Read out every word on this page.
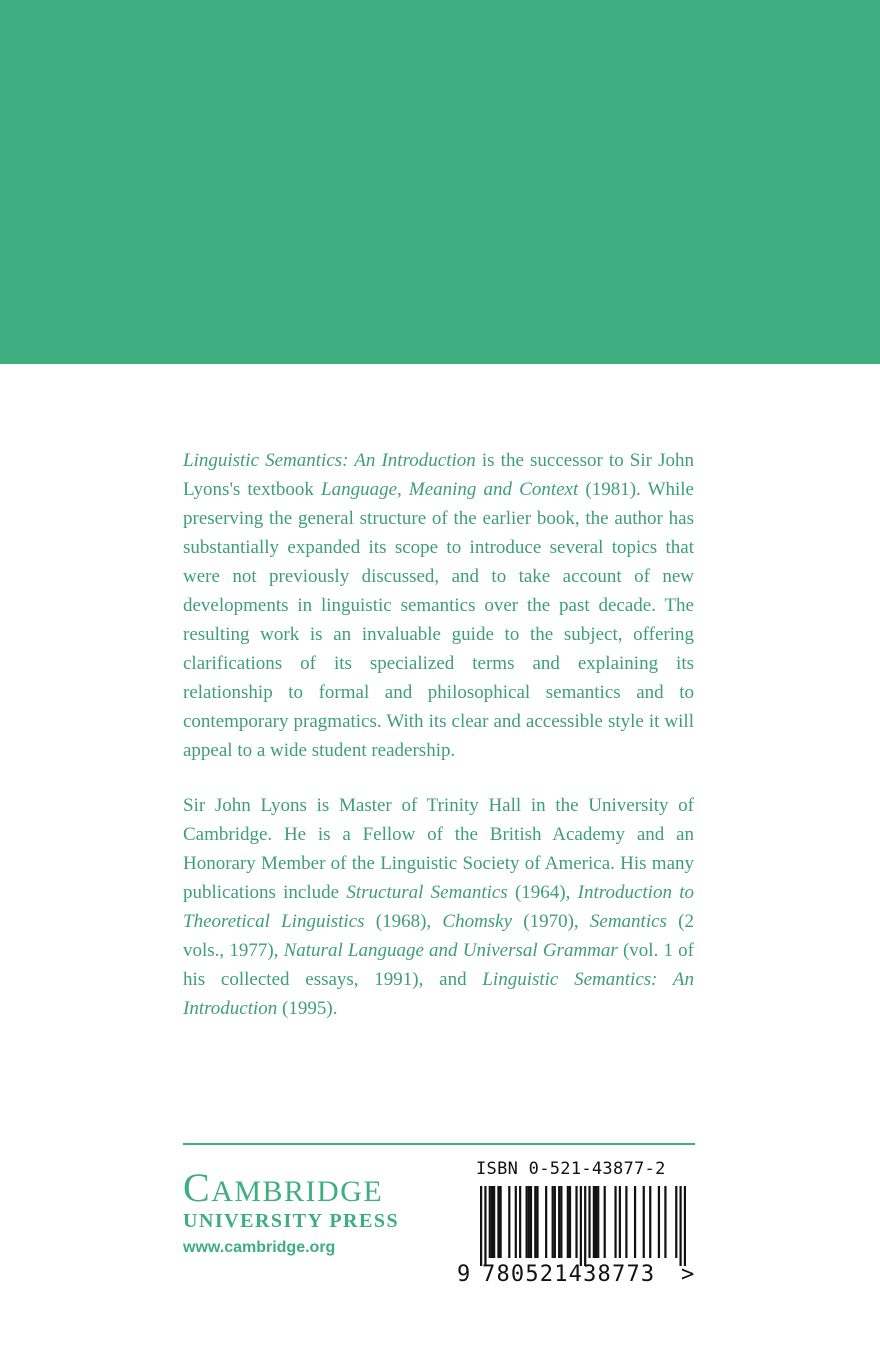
Linguistic Semantics: An Introduction is the successor to Sir John Lyons's textbook Language, Meaning and Context (1981). While preserving the general structure of the earlier book, the author has substantially expanded its scope to introduce several topics that were not previously discussed, and to take account of new developments in linguistic semantics over the past decade. The resulting work is an invaluable guide to the subject, offering clarifications of its specialized terms and explaining its relationship to formal and philosophical semantics and to contemporary pragmatics. With its clear and accessible style it will appeal to a wide student readership.

Sir John Lyons is Master of Trinity Hall in the University of Cambridge. He is a Fellow of the British Academy and an Honorary Member of the Linguistic Society of America. His many publications include Structural Semantics (1964), Introduction to Theoretical Linguistics (1968), Chomsky (1970), Semantics (2 vols., 1977), Natural Language and Universal Grammar (vol. 1 of his collected essays, 1991), and Linguistic Semantics: An Introduction (1995).

CAMBRIDGE
UNIVERSITY PRESS
www.cambridge.org
ISBN 0-521-43877-2
9 780521438773 >
